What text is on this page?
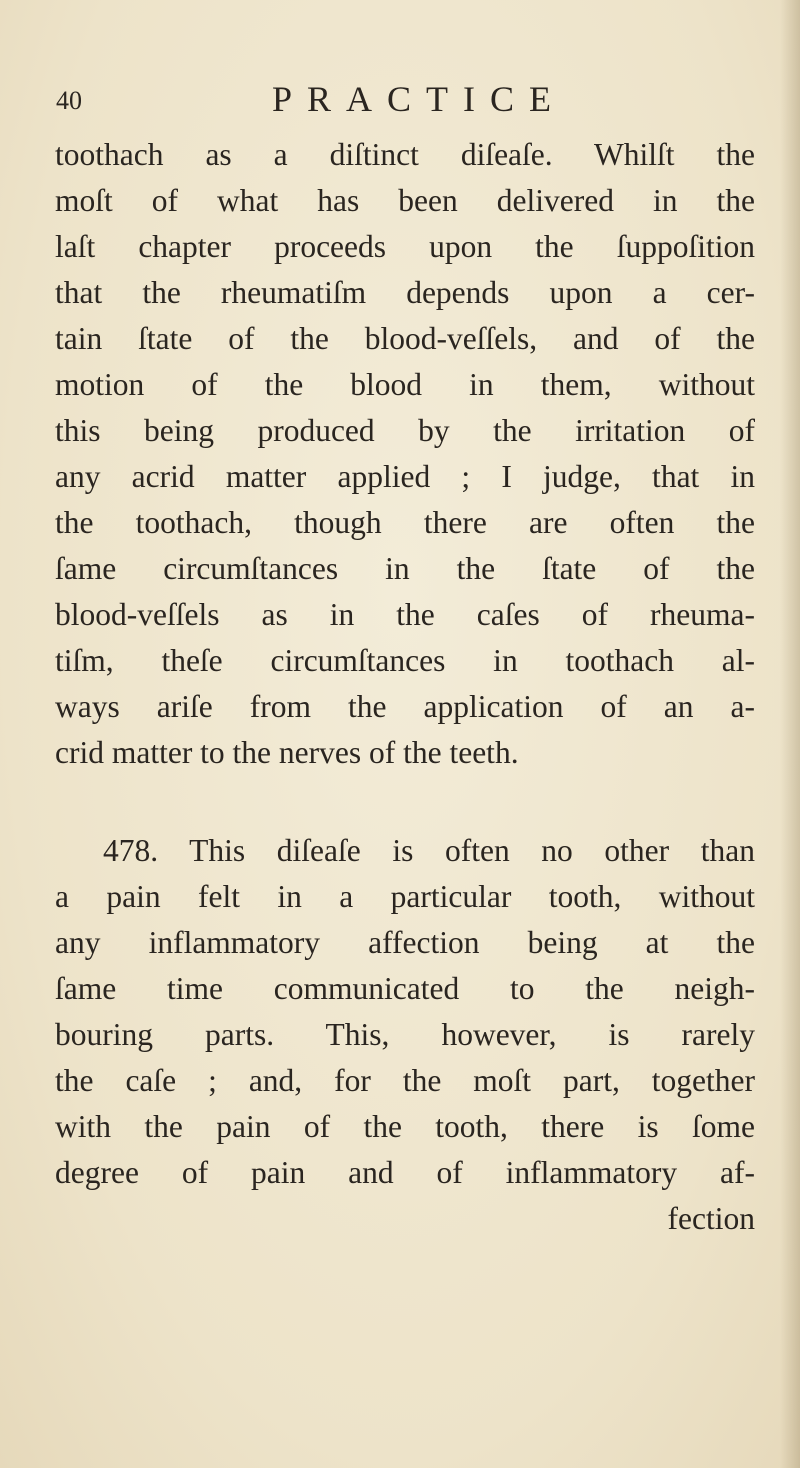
40	PRACTICE
toothach as a diſtinct diſeaſe. Whilſt the
moſt of what has been delivered in the
laſt chapter proceeds upon the ſuppoſition
that the rheumatiſm depends upon a cer-
tain ſtate of the blood-veſſels, and of the
motion of the blood in them, without
this being produced by the irritation of
any acrid matter applied ; I judge, that in
the toothach, though there are often the
ſame circumſtances in the ſtate of the
blood-veſſels as in the caſes of rheuma-
tiſm, theſe circumſtances in toothach al-
ways ariſe from the application of an a-
crid matter to the nerves of the teeth.
478. This diſeaſe is often no other than
a pain felt in a particular tooth, without
any inflammatory affection being at the
ſame time communicated to the neigh-
bouring parts. This, however, is rarely
the caſe ; and, for the moſt part, together
with the pain of the tooth, there is ſome
degree of pain and of inflammatory af-
fection
